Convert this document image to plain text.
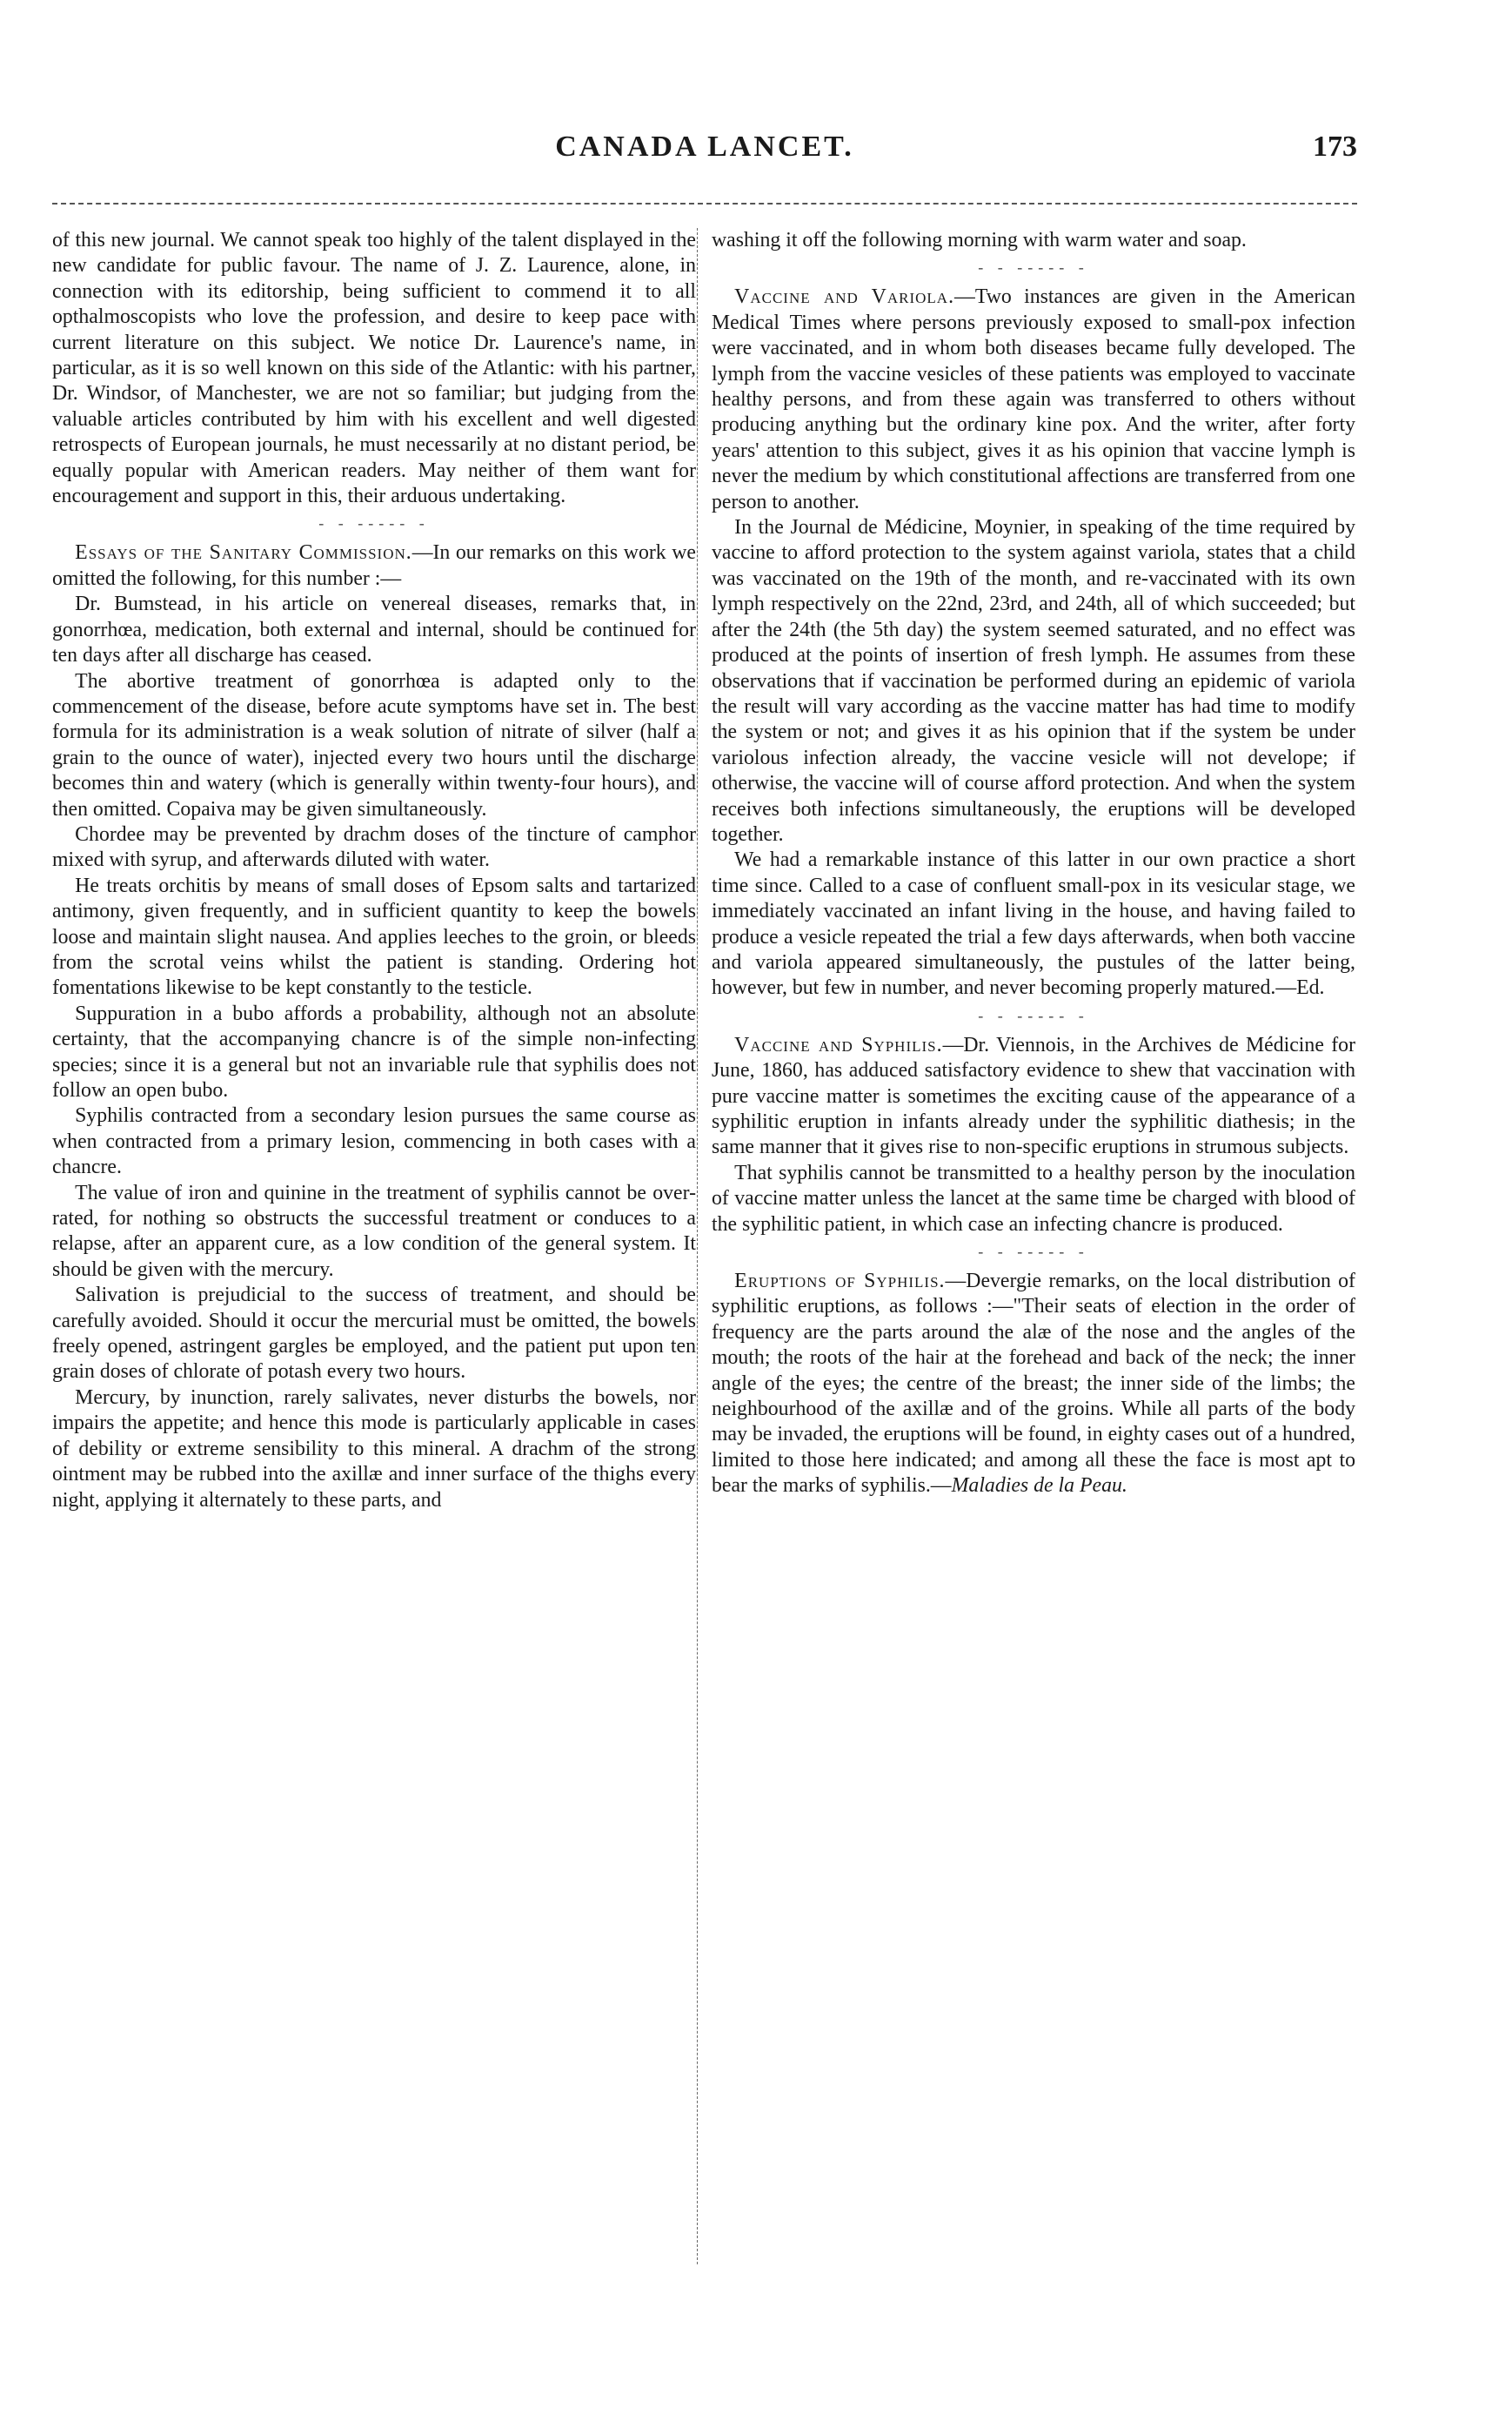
CANADA LANCET.	173

of this new journal. We cannot speak too highly of the talent displayed in the new candidate for public favour. The name of J. Z. Laurence, alone, in connection with its editorship, being sufficient to commend it to all opthalmoscopists who love the profession, and desire to keep pace with current literature on this subject. We notice Dr. Laurence's name, in particular, as it is so well known on this side of the Atlantic: with his partner, Dr. Windsor, of Manchester, we are not so familiar; but judging from the valuable articles contributed by him with his excellent and well digested retrospects of European journals, he must necessarily at no distant period, be equally popular with American readers. May neither of them want for encouragement and support in this, their arduous undertaking.

- - ----- -

Essays of the Sanitary Commission.—In our remarks on this work we omitted the following, for this number :—

Dr. Bumstead, in his article on venereal diseases, remarks that, in gonorrhœa, medication, both external and internal, should be continued for ten days after all discharge has ceased.

The abortive treatment of gonorrhœa is adapted only to the commencement of the disease, before acute symptoms have set in. The best formula for its administration is a weak solution of nitrate of silver (half a grain to the ounce of water), injected every two hours until the discharge becomes thin and watery (which is generally within twenty-four hours), and then omitted. Copaiva may be given simultaneously.

Chordee may be prevented by drachm doses of the tincture of camphor mixed with syrup, and afterwards diluted with water.

He treats orchitis by means of small doses of Epsom salts and tartarized antimony, given frequently, and in sufficient quantity to keep the bowels loose and maintain slight nausea. And applies leeches to the groin, or bleeds from the scrotal veins whilst the patient is standing. Ordering hot fomentations likewise to be kept constantly to the testicle.

Suppuration in a bubo affords a probability, although not an absolute certainty, that the accompanying chancre is of the simple non-infecting species; since it is a general but not an invariable rule that syphilis does not follow an open bubo.

Syphilis contracted from a secondary lesion pursues the same course as when contracted from a primary lesion, commencing in both cases with a chancre.

The value of iron and quinine in the treatment of syphilis cannot be over-rated, for nothing so obstructs the successful treatment or conduces to a relapse, after an apparent cure, as a low condition of the general system. It should be given with the mercury.

Salivation is prejudicial to the success of treatment, and should be carefully avoided. Should it occur the mercurial must be omitted, the bowels freely opened, astringent gargles be employed, and the patient put upon ten grain doses of chlorate of potash every two hours.

Mercury, by inunction, rarely salivates, never disturbs the bowels, nor impairs the appetite; and hence this mode is particularly applicable in cases of debility or extreme sensibility to this mineral. A drachm of the strong ointment may be rubbed into the axillæ and inner surface of the thighs every night, applying it alternately to these parts, and

washing it off the following morning with warm water and soap.

- - ----- -

Vaccine and Variola.—Two instances are given in the American Medical Times where persons previously exposed to small-pox infection were vaccinated, and in whom both diseases became fully developed. The lymph from the vaccine vesicles of these patients was employed to vaccinate healthy persons, and from these again was transferred to others without producing anything but the ordinary kine pox. And the writer, after forty years' attention to this subject, gives it as his opinion that vaccine lymph is never the medium by which constitutional affections are transferred from one person to another.

In the Journal de Médicine, Moynier, in speaking of the time required by vaccine to afford protection to the system against variola, states that a child was vaccinated on the 19th of the month, and re-vaccinated with its own lymph respectively on the 22nd, 23rd, and 24th, all of which succeeded; but after the 24th (the 5th day) the system seemed saturated, and no effect was produced at the points of insertion of fresh lymph. He assumes from these observations that if vaccination be performed during an epidemic of variola the result will vary according as the vaccine matter has had time to modify the system or not; and gives it as his opinion that if the system be under variolous infection already, the vaccine vesicle will not develope; if otherwise, the vaccine will of course afford protection. And when the system receives both infections simultaneously, the eruptions will be developed together.

We had a remarkable instance of this latter in our own practice a short time since. Called to a case of confluent small-pox in its vesicular stage, we immediately vaccinated an infant living in the house, and having failed to produce a vesicle repeated the trial a few days afterwards, when both vaccine and variola appeared simultaneously, the pustules of the latter being, however, but few in number, and never becoming properly matured.—Ed.

- - ----- -

Vaccine and Syphilis.—Dr. Viennois, in the Archives de Médicine for June, 1860, has adduced satisfactory evidence to shew that vaccination with pure vaccine matter is sometimes the exciting cause of the appearance of a syphilitic eruption in infants already under the syphilitic diathesis; in the same manner that it gives rise to non-specific eruptions in strumous subjects.

That syphilis cannot be transmitted to a healthy person by the inoculation of vaccine matter unless the lancet at the same time be charged with blood of the syphilitic patient, in which case an infecting chancre is produced.

- - ----- -

Eruptions of Syphilis.—Devergie remarks, on the local distribution of syphilitic eruptions, as follows :—"Their seats of election in the order of frequency are the parts around the alæ of the nose and the angles of the mouth; the roots of the hair at the forehead and back of the neck; the inner angle of the eyes; the centre of the breast; the inner side of the limbs; the neighbourhood of the axillæ and of the groins. While all parts of the body may be invaded, the eruptions will be found, in eighty cases out of a hundred, limited to those here indicated; and among all these the face is most apt to bear the marks of syphilis.—Maladies de la Peau.
